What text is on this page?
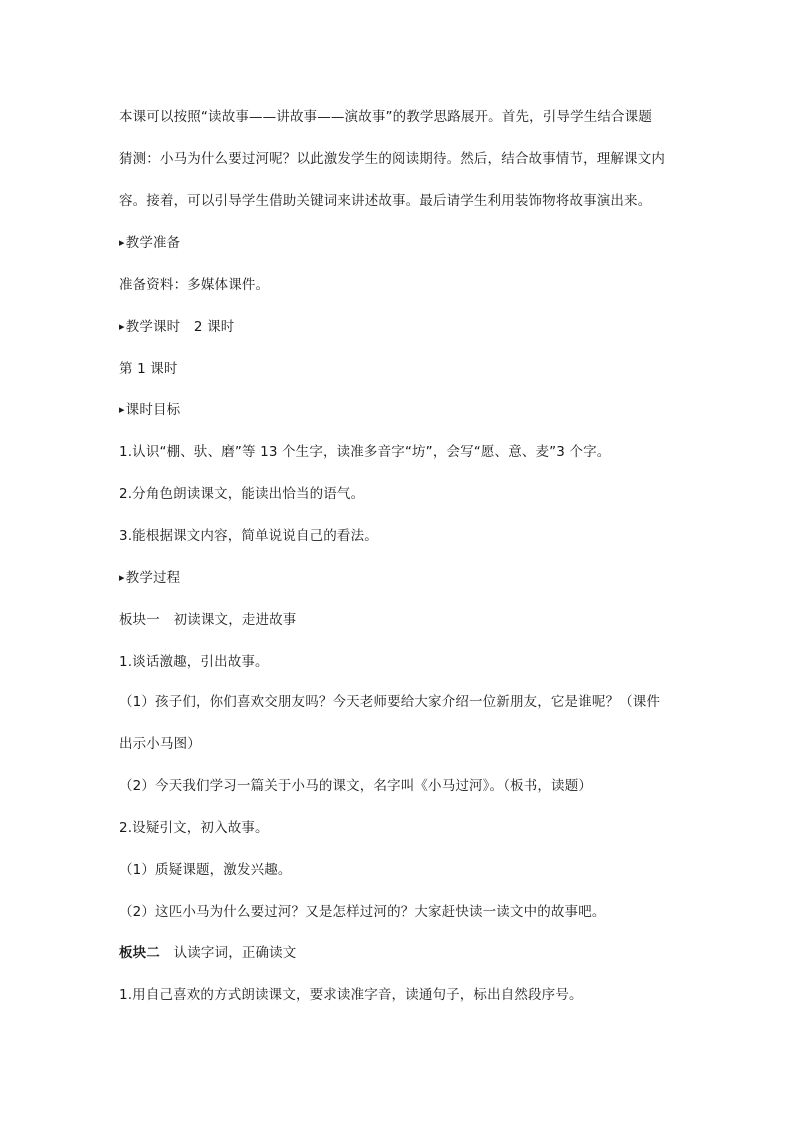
本课可以按照“读故事——讲故事——演故事”的教学思路展开。首先，引导学生结合课题
猜测：小马为什么要过河呢？以此激发学生的阅读期待。然后，结合故事情节，理解课文内
容。接着，可以引导学生借助关键词来讲述故事。最后请学生利用装饰物将故事演出来。
▸ 教学准备
准备资料：多媒体课件。
▸ 教学课时　2 课时
第 1 课时
▸ 课时目标
1.认识“棚、驮、磨”等 13 个生字，读准多音字“坊”，会写“愿、意、麦”3 个字。
2.分角色朗读课文，能读出恰当的语气。
3.能根据课文内容，简单说说自己的看法。
▸ 教学过程
板块一　初读课文，走进故事
1.谈话激趣，引出故事。
（1）孩子们，你们喜欢交朋友吗？今天老师要给大家介绍一位新朋友，它是谁呢？（课件
出示小马图）
（2）今天我们学习一篇关于小马的课文，名字叫《小马过河》。（板书，读题）
2.设疑引文，初入故事。
（1）质疑课题，激发兴趣。
（2）这匹小马为什么要过河？又是怎样过河的？大家赶快读一读文中的故事吧。
板块二　认读字词，正确读文
1.用自己喜欢的方式朗读课文，要求读准字音，读通句子，标出自然段序号。
